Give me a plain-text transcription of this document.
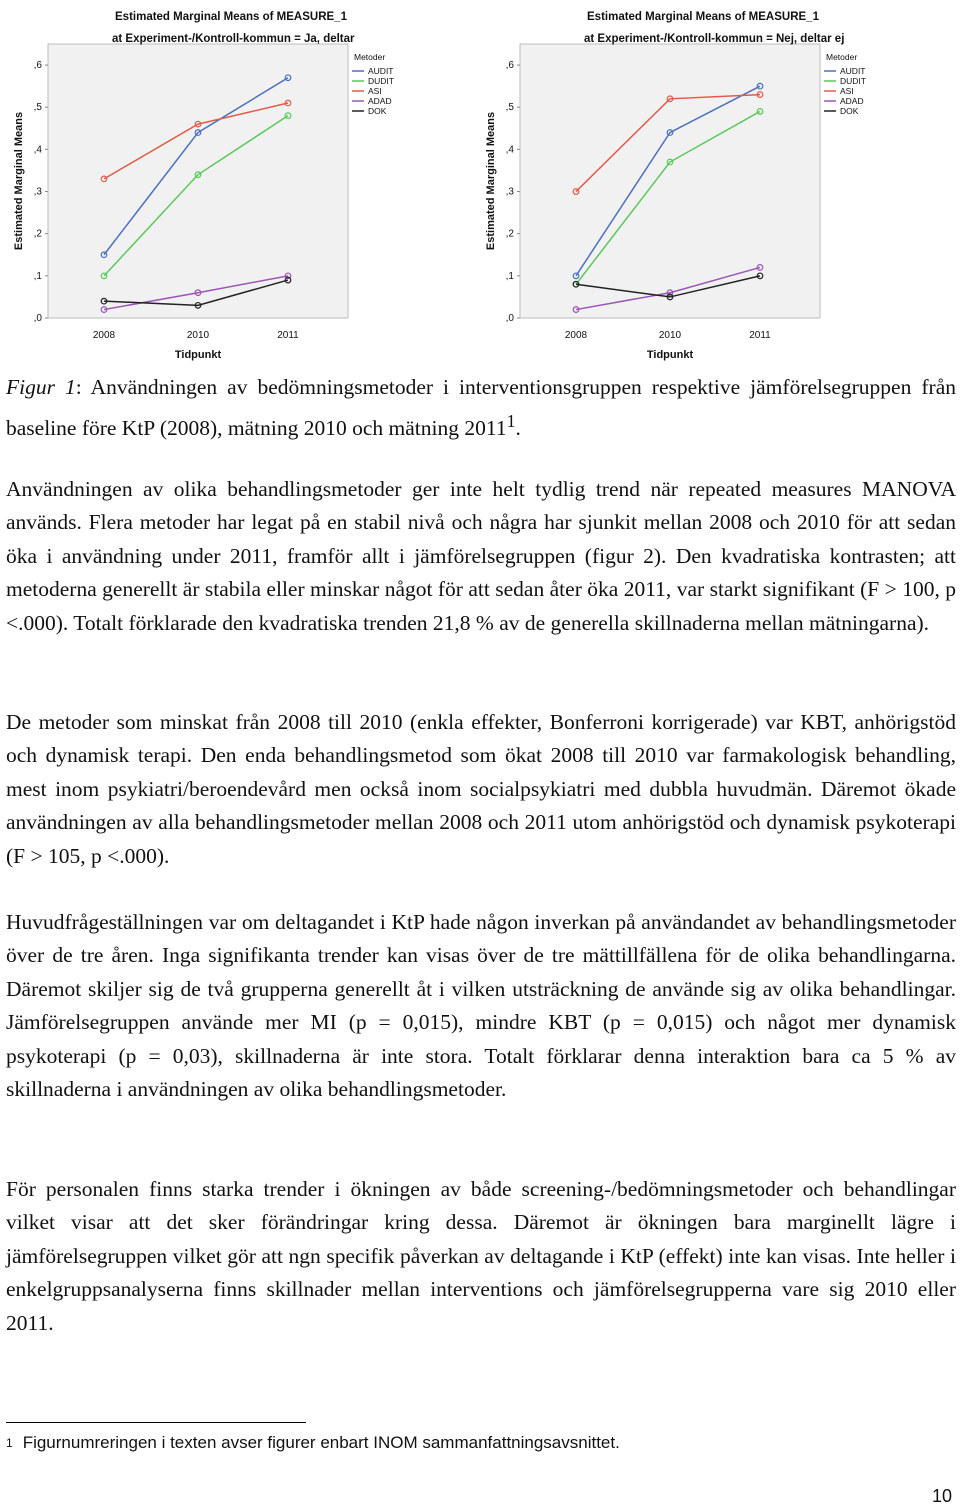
Estimated Marginal Means of MEASURE_1
at Experiment-/Kontroll-kommun = Ja, deltar
,0
,1
,2
,3
,4
,5
,6
2008	2010	2011
Tidpunkt
Estimated Marginal Means
Metoder
AUDIT
DUDIT
ASI
ADAD
DOK
Estimated Marginal Means of MEASURE_1
at Experiment-/Kontroll-kommun = Nej, deltar ej
,0
,1
,2
,3
,4
,5
,6
2008	2010	2011
Tidpunkt
Estimated Marginal Means
Metoder
AUDIT
DUDIT
ASI
ADAD
DOK

Figur 1: Användningen av bedömningsmetoder i interventionsgruppen respektive jämförelsegruppen från baseline före KtP (2008), mätning 2010 och mätning 2011$^1$.

Användningen av olika behandlingsmetoder ger inte helt tydlig trend när repeated measures MANOVA används. Flera metoder har legat på en stabil nivå och några har sjunkit mellan 2008 och 2010 för att sedan öka i användning under 2011, framför allt i jämförelsegruppen (figur 2). Den kvadratiska kontrasten; att metoderna generellt är stabila eller minskar något för att sedan åter öka 2011, var starkt signifikant (F > 100, p <.000). Totalt förklarade den kvadratiska trenden 21,8 % av de generella skillnaderna mellan mätningarna).

De metoder som minskat från 2008 till 2010 (enkla effekter, Bonferroni korrigerade) var KBT, anhörigstöd och dynamisk terapi. Den enda behandlingsmetod som ökat 2008 till 2010 var farmakologisk behandling, mest inom psykiatri/beroendevård men också inom socialpsykiatri med dubbla huvudmän. Däremot ökade användningen av alla behandlingsmetoder mellan 2008 och 2011 utom anhörigstöd och dynamisk psykoterapi (F > 105, p <.000).

Huvudfrågeställningen var om deltagandet i KtP hade någon inverkan på användandet av behandlingsmetoder över de tre åren. Inga signifikanta trender kan visas över de tre mättillfällena för de olika behandlingarna. Däremot skiljer sig de två grupperna generellt åt i vilken utsträckning de använde sig av olika behandlingar. Jämförelsegruppen använde mer MI (p = 0,015), mindre KBT (p = 0,015) och något mer dynamisk psykoterapi (p = 0,03), skillnaderna är inte stora. Totalt förklarar denna interaktion bara ca 5 % av skillnaderna i användningen av olika behandlingsmetoder.

För personalen finns starka trender i ökningen av både screening-/bedömningsmetoder och behandlingar vilket visar att det sker förändringar kring dessa. Däremot är ökningen bara marginellt lägre i jämförelsegruppen vilket gör att ngn specifik påverkan av deltagande i KtP (effekt) inte kan visas. Inte heller i enkelgruppsanalyserna finns skillnader mellan interventions och jämförelsegrupperna vare sig 2010 eller 2011.

$^1$ Figurnumreringen i texten avser figurer enbart INOM sammanfattningsavsnittet.

10
